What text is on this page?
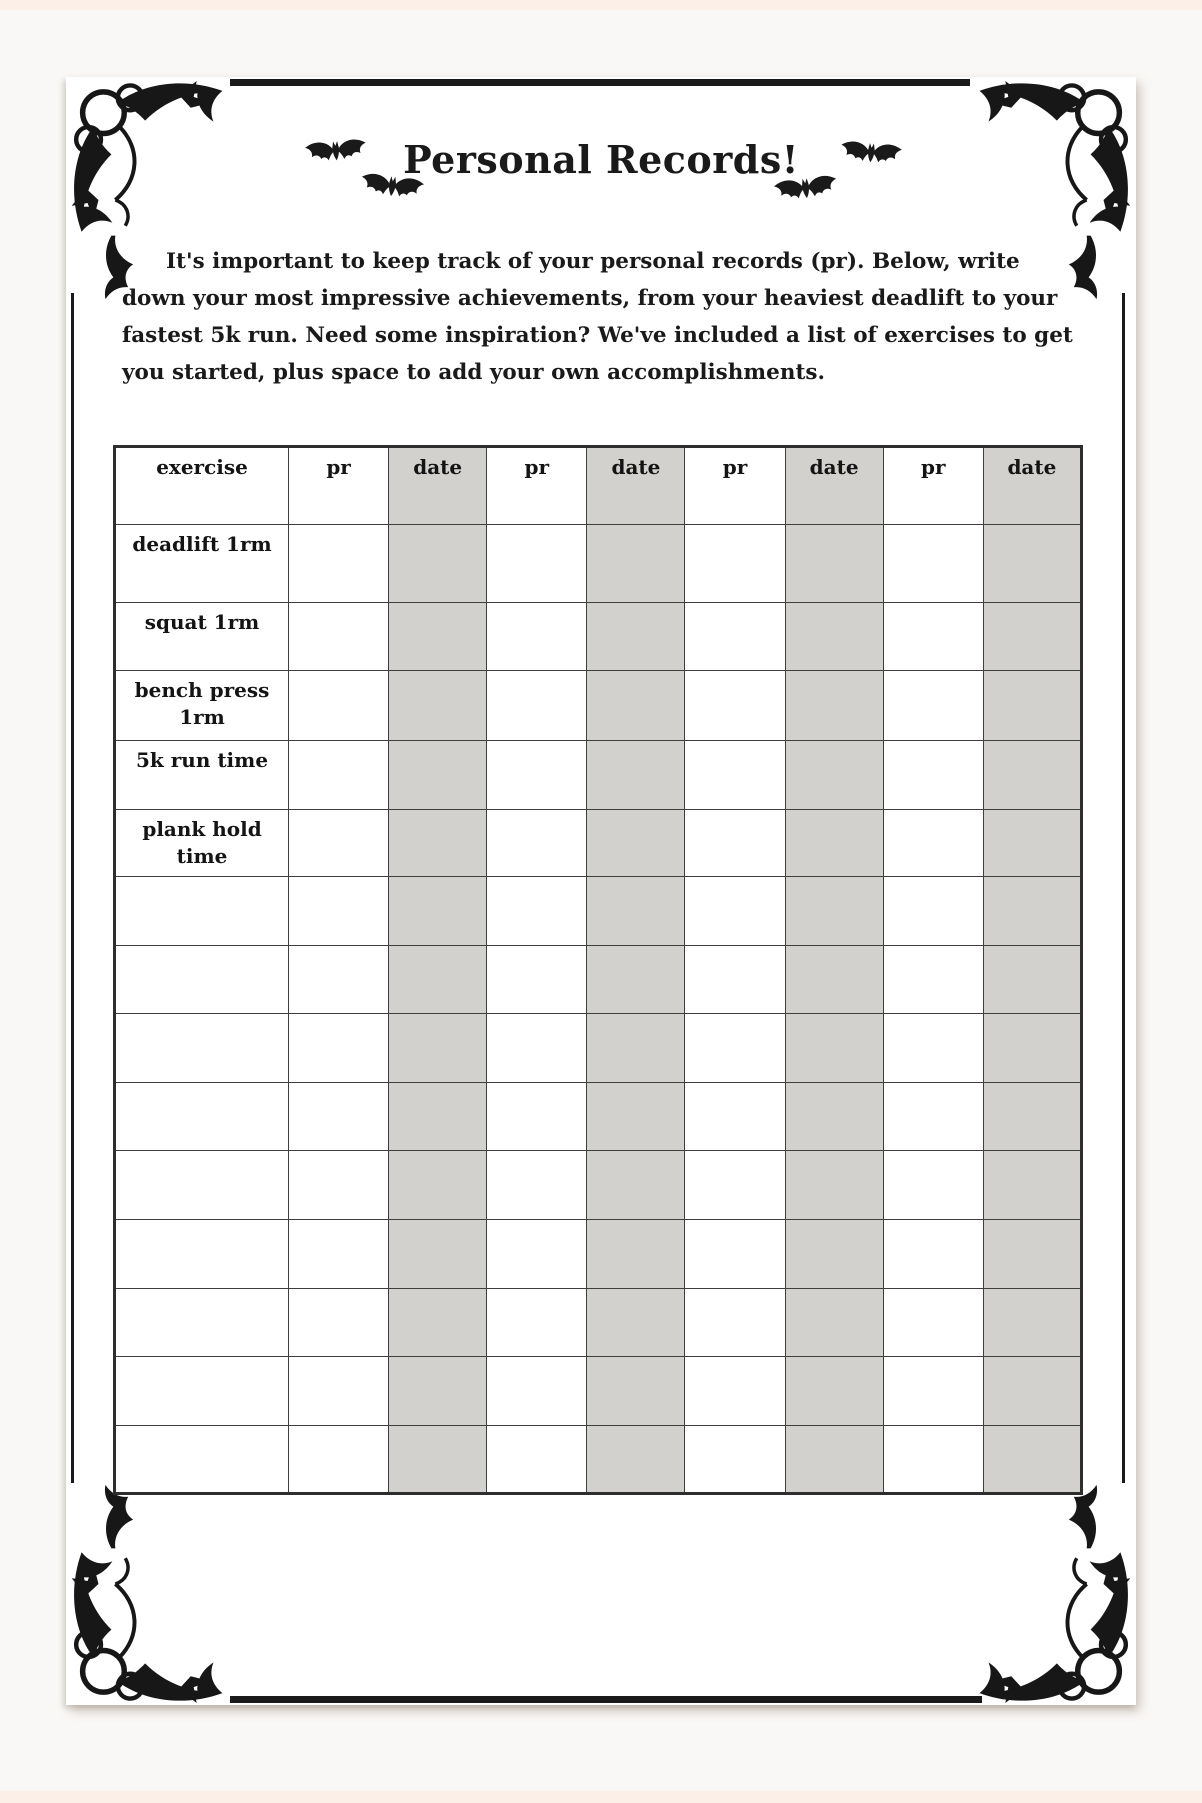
Personal Records!

It's important to keep track of your personal records (pr). Below, write down your most impressive achievements, from your heaviest deadlift to your fastest 5k run. Need some inspiration? We've included a list of exercises to get you started, plus space to add your own accomplishments.

exercise	pr	date	pr	date	pr	date	pr	date
deadlift 1rm								
squat 1rm								
bench press 1rm								
5k run time								
plank hold time								
